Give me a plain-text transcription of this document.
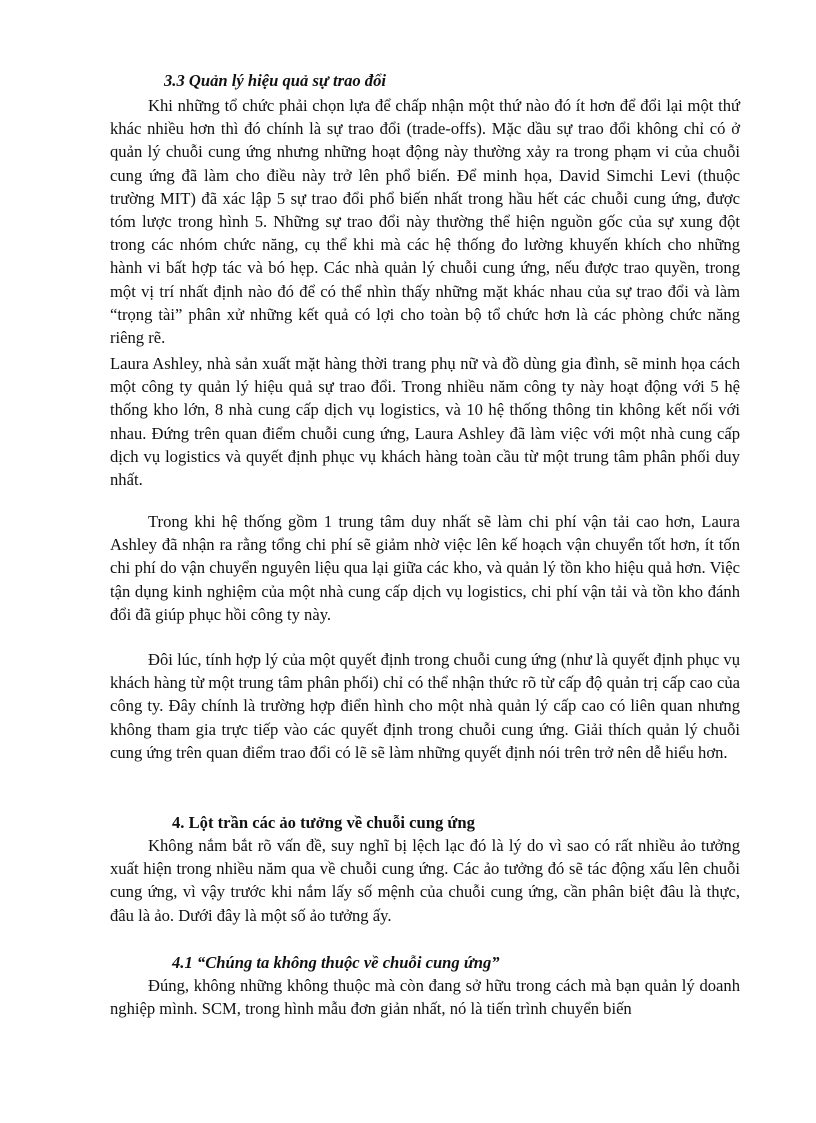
3.3 Quản lý hiệu quả sự trao đổi

Khi những tổ chức phải chọn lựa để chấp nhận một thứ nào đó ít hơn để đổi lại một thứ khác nhiều hơn thì đó chính là sự trao đổi (trade-offs). Mặc dầu sự trao đổi không chỉ có ở quản lý chuỗi cung ứng nhưng những hoạt động này thường xảy ra trong phạm vi của chuỗi cung ứng đã làm cho điều này trở lên phổ biến. Để minh họa, David Simchi Levi (thuộc trường MIT) đã xác lập 5 sự trao đổi phổ biến nhất trong hầu hết các chuỗi cung ứng, được tóm lược trong hình 5. Những sự trao đổi này thường thể hiện nguồn gốc của sự xung đột trong các nhóm chức năng, cụ thể khi mà các hệ thống đo lường khuyến khích cho những hành vi bất hợp tác và bó hẹp. Các nhà quản lý chuỗi cung ứng, nếu được trao quyền, trong một vị trí nhất định nào đó để có thể nhìn thấy những mặt khác nhau của sự trao đổi và làm “trọng tài” phân xử những kết quả có lợi cho toàn bộ tổ chức hơn là các phòng chức năng riêng rẽ.

Laura Ashley, nhà sản xuất mặt hàng thời trang phụ nữ và đồ dùng gia đình, sẽ minh họa cách một công ty quản lý hiệu quả sự trao đổi. Trong nhiều năm công ty này hoạt động với 5 hệ thống kho lớn, 8 nhà cung cấp dịch vụ logistics, và 10 hệ thống thông tin không kết nối với nhau. Đứng trên quan điểm chuỗi cung ứng, Laura Ashley đã làm việc với một nhà cung cấp dịch vụ logistics và quyết định phục vụ khách hàng toàn cầu từ một trung tâm phân phối duy nhất.

Trong khi hệ thống gồm 1 trung tâm duy nhất sẽ làm chi phí vận tải cao hơn, Laura Ashley đã nhận ra rằng tổng chi phí sẽ giảm nhờ việc lên kế hoạch vận chuyển tốt hơn, ít tốn chi phí do vận chuyển nguyên liệu qua lại giữa các kho, và quản lý tồn kho hiệu quả hơn. Việc tận dụng kinh nghiệm của một nhà cung cấp dịch vụ logistics, chi phí vận tải và tồn kho đánh đổi đã giúp phục hồi công ty này.

Đôi lúc, tính hợp lý của một quyết định trong chuỗi cung ứng (như là quyết định phục vụ khách hàng từ một trung tâm phân phối) chỉ có thể nhận thức rõ từ cấp độ quản trị cấp cao của công ty. Đây chính là trường hợp điển hình cho một nhà quản lý cấp cao có liên quan nhưng không tham gia trực tiếp vào các quyết định trong chuỗi cung ứng. Giải thích quản lý chuỗi cung ứng trên quan điểm trao đổi có lẽ sẽ làm những quyết định nói trên trở nên dễ hiểu hơn.

4. Lột trần các ảo tưởng về chuỗi cung ứng

Không nắm bắt rõ vấn đề, suy nghĩ bị lệch lạc đó là lý do vì sao có rất nhiều ảo tưởng xuất hiện trong nhiều năm qua về chuỗi cung ứng. Các ảo tưởng đó sẽ tác động xấu lên chuỗi cung ứng, vì vậy trước khi nắm lấy số mệnh của chuỗi cung ứng, cần phân biệt đâu là thực, đâu là ảo. Dưới đây là một số ảo tưởng ấy.

4.1 “Chúng ta không thuộc về chuỗi cung ứng”

Đúng, không những không thuộc mà còn đang sở hữu trong cách mà bạn quản lý doanh nghiệp mình. SCM, trong hình mẫu đơn giản nhất, nó là tiến trình chuyển biến
